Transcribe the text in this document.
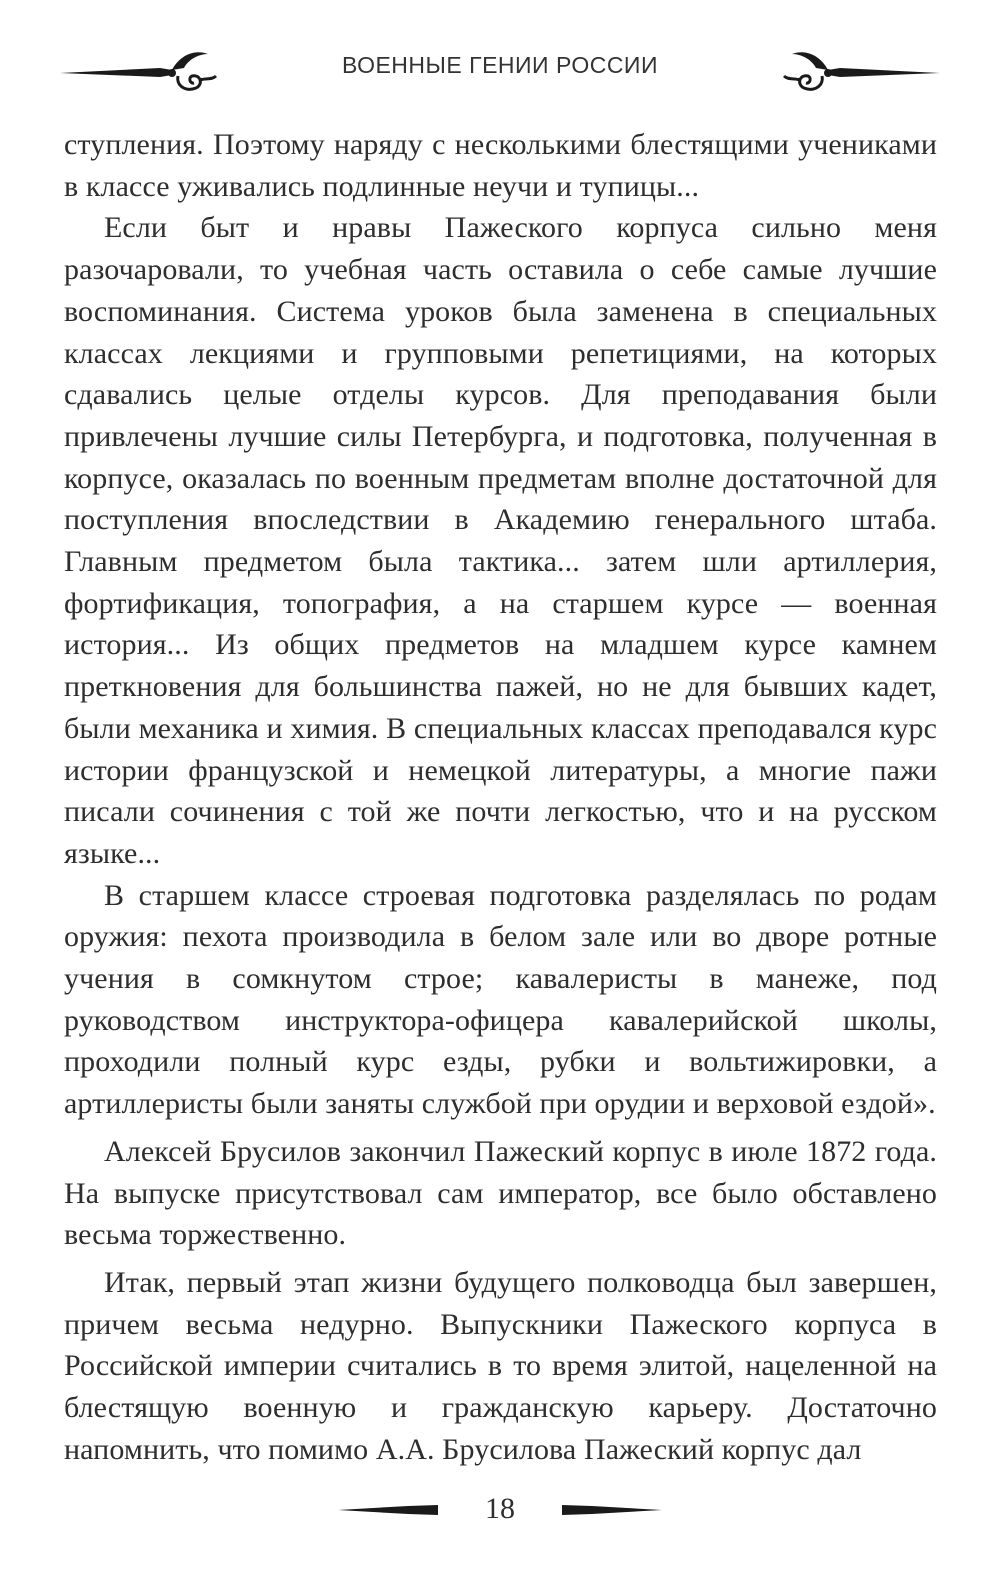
ВОЕННЫЕ ГЕНИИ РОССИИ

ступления. Поэтому наряду с несколькими блестящими учениками в классе уживались подлинные неучи и тупицы...

Если быт и нравы Пажеского корпуса сильно меня разочаровали, то учебная часть оставила о себе самые лучшие воспоминания. Система уроков была заменена в специальных классах лекциями и групповыми репетициями, на которых сдавались целые отделы курсов. Для преподавания были привлечены лучшие силы Петербурга, и подготовка, полученная в корпусе, оказалась по военным предметам вполне достаточной для поступления впоследствии в Академию генерального штаба. Главным предметом была тактика... затем шли артиллерия, фортификация, топография, а на старшем курсе — военная история... Из общих предметов на младшем курсе камнем преткновения для большинства пажей, но не для бывших кадет, были механика и химия. В специальных классах преподавался курс истории французской и немецкой литературы, а многие пажи писали сочинения с той же почти легкостью, что и на русском языке...

В старшем классе строевая подготовка разделялась по родам оружия: пехота производила в белом зале или во дворе ротные учения в сомкнутом строе; кавалеристы в манеже, под руководством инструктора-офицера кавалерийской школы, проходили полный курс езды, рубки и вольтижировки, а артиллеристы были заняты службой при орудии и верховой ездой».

Алексей Брусилов закончил Пажеский корпус в июле 1872 года. На выпуске присутствовал сам император, все было обставлено весьма торжественно.

Итак, первый этап жизни будущего полководца был завершен, причем весьма недурно. Выпускники Пажеского корпуса в Российской империи считались в то время элитой, нацеленной на блестящую военную и гражданскую карьеру. Достаточно напомнить, что помимо А.А. Брусилова Пажеский корпус дал

18
